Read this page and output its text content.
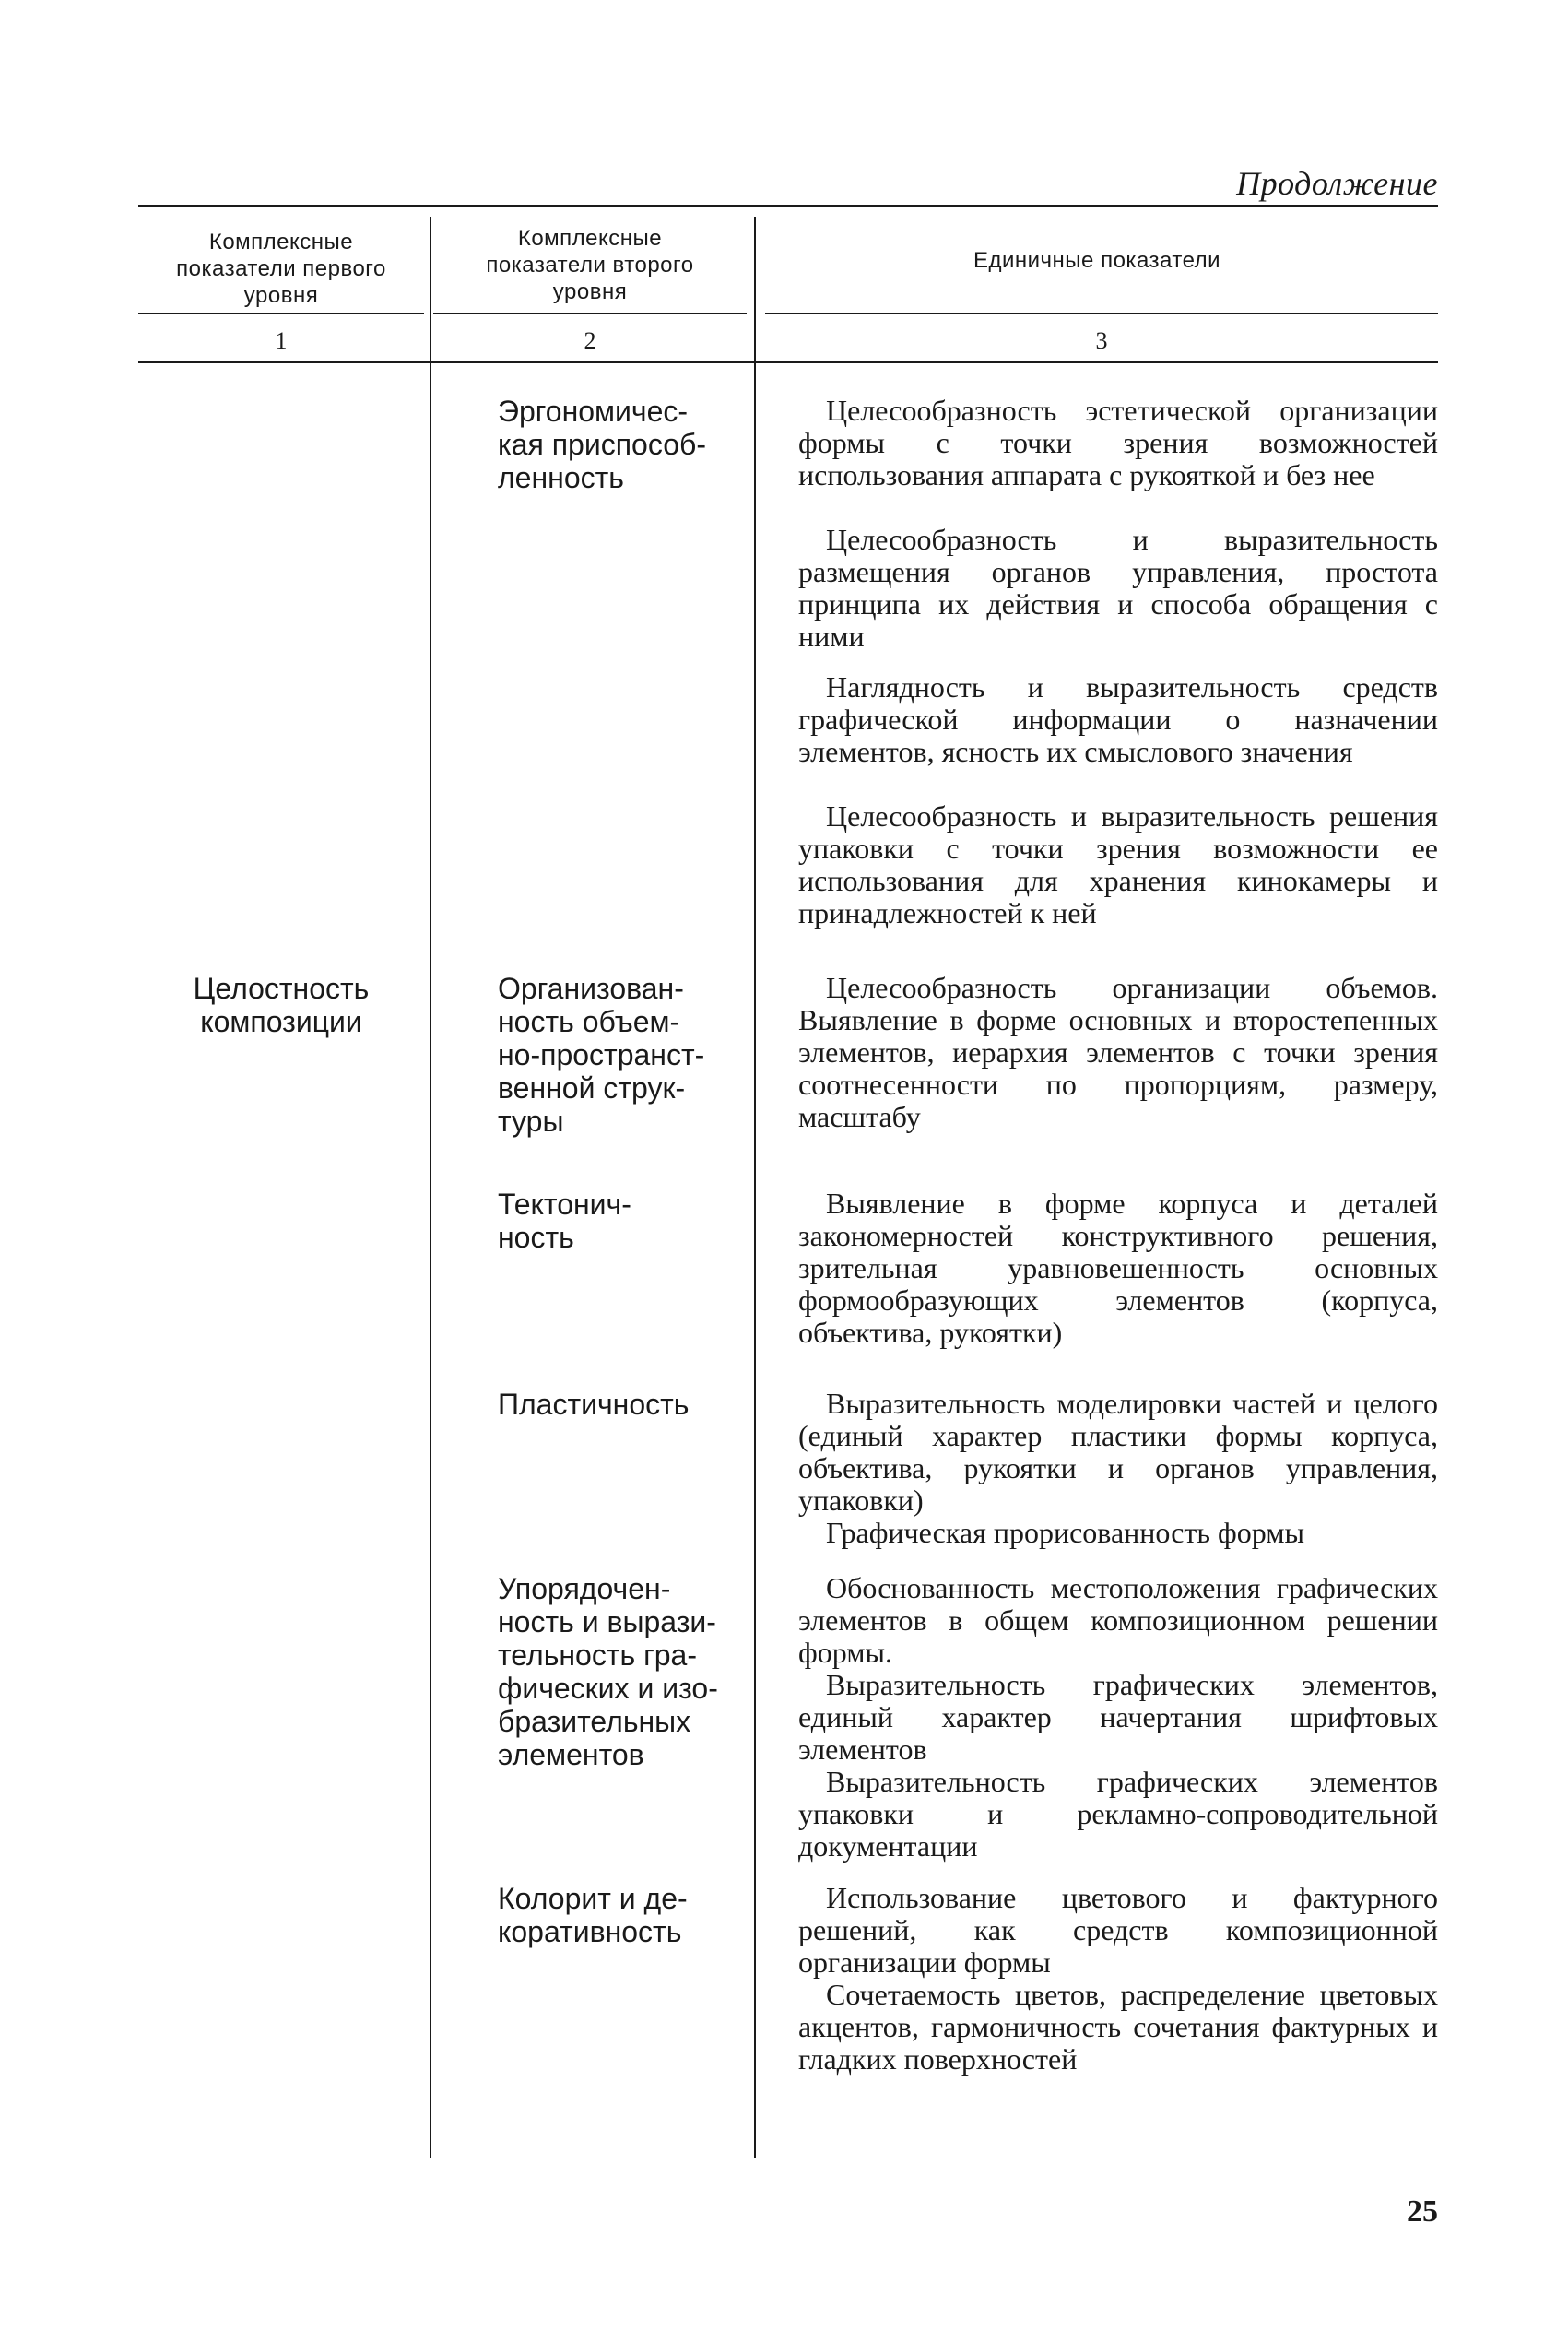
Продолжение
Комплексные показатели первого уровня
Комплексные показатели второго уровня
Единичные показатели
1	2	3
Целостность композиции
Эргономичес-
кая приспособ-
ленность
Организован-
ность объем-
но-пространст-
венной струк-
туры
Тектонич-
ность
Пластичность
Упорядочен-
ность и вырази-
тельность гра-
фических и изо-
бразительных
элементов
Колорит и де-
коративность
Целесообразность эстетической организации формы с точки зрения возможностей использования аппарата с рукояткой и без нее
Целесообразность и выразительность размещения органов управления, простота принципа их действия и способа обращения с ними
Наглядность и выразительность средств графической информации о назначении элементов, ясность их смыслового значения
Целесообразность и выразительность решения упаковки с точки зрения возможности ее использования для хранения кинокамеры и принадлежностей к ней
Целесообразность организации объемов. Выявление в форме основных и второстепенных элементов, иерархия элементов с точки зрения соотнесенности по пропорциям, размеру, масштабу
Выявление в форме корпуса и деталей закономерностей конструктивного решения, зрительная уравновешенность основных формообразующих элементов (корпуса, объектива, рукоятки)
Выразительность моделировки частей и целого (единый характер пластики формы корпуса, объектива, рукоятки и органов управления, упаковки)
Графическая прорисованность формы
Обоснованность местоположения графических элементов в общем композиционном решении формы.
Выразительность графических элементов, единый характер начертания шрифтовых элементов
Выразительность графических элементов упаковки и рекламно-сопроводительной документации
Использование цветового и фактурного решений, как средств композиционной организации формы
Сочетаемость цветов, распределение цветовых акцентов, гармоничность сочетания фактурных и гладких поверхностей
25
